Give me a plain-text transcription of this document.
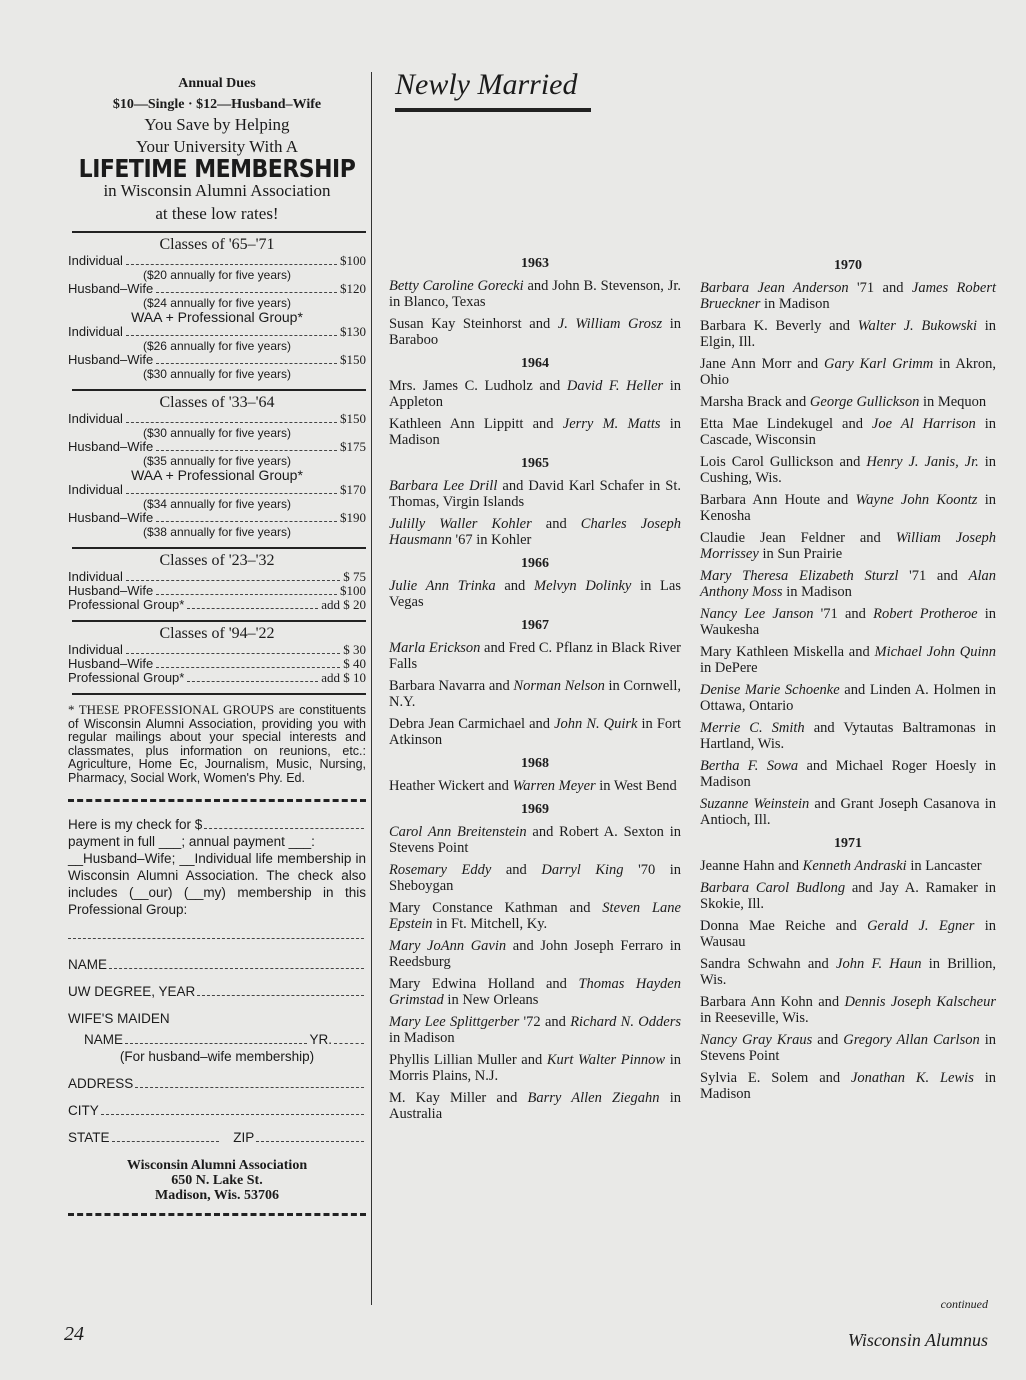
Annual Dues
$10—Single · $12—Husband–Wife
You Save by Helping
Your University With A
LIFETIME MEMBERSHIP
in Wisconsin Alumni Association
at these low rates!
Classes of '65–'71
Individual	$100
($20 annually for five years)
Husband–Wife	$120
($24 annually for five years)
WAA + Professional Group*
Individual	$130
($26 annually for five years)
Husband–Wife	$150
($30 annually for five years)
Classes of '33–'64
Individual	$150
($30 annually for five years)
Husband–Wife	$175
($35 annually for five years)
WAA + Professional Group*
Individual	$170
($34 annually for five years)
Husband–Wife	$190
($38 annually for five years)
Classes of '23–'32
Individual	$ 75
Husband–Wife	$100
Professional Group*	add $ 20
Classes of '94–'22
Individual	$ 30
Husband–Wife	$ 40
Professional Group*	add $ 10
* THESE PROFESSIONAL GROUPS are constituents of Wisconsin Alumni Association, providing you with regular mailings about your special interests and classmates, plus information on reunions, etc.: Agriculture, Home Ec, Journalism, Music, Nursing, Pharmacy, Social Work, Women's Phy. Ed.
Here is my check for $
payment in full ___; annual payment ___:
__Husband–Wife; __Individual life membership in Wisconsin Alumni Association. The check also includes (__our) (__my) membership in this Professional Group:
NAME
UW DEGREE, YEAR
WIFE'S MAIDEN
NAME	YR.
(For husband–wife membership)
ADDRESS
CITY
STATE	ZIP
Wisconsin Alumni Association
650 N. Lake St.
Madison, Wis. 53706
Newly Married
1963
Betty Caroline Gorecki and John B. Stevenson, Jr. in Blanco, Texas
Susan Kay Steinhorst and J. William Grosz in Baraboo
1964
Mrs. James C. Ludholz and David F. Heller in Appleton
Kathleen Ann Lippitt and Jerry M. Matts in Madison
1965
Barbara Lee Drill and David Karl Schafer in St. Thomas, Virgin Islands
Julilly Waller Kohler and Charles Joseph Hausmann '67 in Kohler
1966
Julie Ann Trinka and Melvyn Dolinky in Las Vegas
1967
Marla Erickson and Fred C. Pflanz in Black River Falls
Barbara Navarra and Norman Nelson in Cornwell, N.Y.
Debra Jean Carmichael and John N. Quirk in Fort Atkinson
1968
Heather Wickert and Warren Meyer in West Bend
1969
Carol Ann Breitenstein and Robert A. Sexton in Stevens Point
Rosemary Eddy and Darryl King '70 in Sheboygan
Mary Constance Kathman and Steven Lane Epstein in Ft. Mitchell, Ky.
Mary JoAnn Gavin and John Joseph Ferraro in Reedsburg
Mary Edwina Holland and Thomas Hayden Grimstad in New Orleans
Mary Lee Splittgerber '72 and Richard N. Odders in Madison
Phyllis Lillian Muller and Kurt Walter Pinnow in Morris Plains, N.J.
M. Kay Miller and Barry Allen Ziegahn in Australia
1970
Barbara Jean Anderson '71 and James Robert Brueckner in Madison
Barbara K. Beverly and Walter J. Bukowski in Elgin, Ill.
Jane Ann Morr and Gary Karl Grimm in Akron, Ohio
Marsha Brack and George Gullickson in Mequon
Etta Mae Lindekugel and Joe Al Harrison in Cascade, Wisconsin
Lois Carol Gullickson and Henry J. Janis, Jr. in Cushing, Wis.
Barbara Ann Houte and Wayne John Koontz in Kenosha
Claudie Jean Feldner and William Joseph Morrissey in Sun Prairie
Mary Theresa Elizabeth Sturzl '71 and Alan Anthony Moss in Madison
Nancy Lee Janson '71 and Robert Protheroe in Waukesha
Mary Kathleen Miskella and Michael John Quinn in DePere
Denise Marie Schoenke and Linden A. Holmen in Ottawa, Ontario
Merrie C. Smith and Vytautas Baltramonas in Hartland, Wis.
Bertha F. Sowa and Michael Roger Hoesly in Madison
Suzanne Weinstein and Grant Joseph Casanova in Antioch, Ill.
1971
Jeanne Hahn and Kenneth Andraski in Lancaster
Barbara Carol Budlong and Jay A. Ramaker in Skokie, Ill.
Donna Mae Reiche and Gerald J. Egner in Wausau
Sandra Schwahn and John F. Haun in Brillion, Wis.
Barbara Ann Kohn and Dennis Joseph Kalscheur in Reeseville, Wis.
Nancy Gray Kraus and Gregory Allan Carlson in Stevens Point
Sylvia E. Solem and Jonathan K. Lewis in Madison
continued
24	Wisconsin Alumnus
